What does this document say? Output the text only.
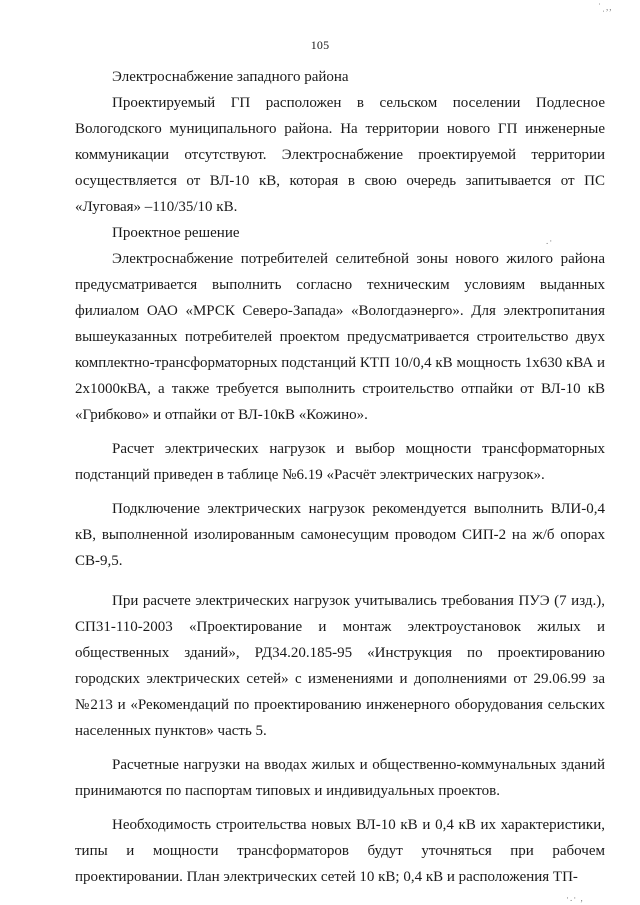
˙ˌ,,
.·
·.· ,
105

Электроснабжение западного района

Проектируемый ГП расположен в сельском поселении Подлесное Вологодского муниципального района. На территории нового ГП инженерные коммуникации отсутствуют. Электроснабжение проектируемой территории осуществляется от ВЛ-10 кВ, которая в свою очередь запитывается от ПС «Луговая» –110/35/10 кВ.

Проектное решение

Электроснабжение потребителей селитебной зоны нового жилого района предусматривается выполнить согласно техническим условиям выданных филиалом ОАО «МРСК Северо-Запада» «Вологдаэнерго». Для электропитания вышеуказанных потребителей проектом предусматривается строительство двух комплектно-трансформаторных подстанций КТП 10/0,4 кВ мощность 1х630 кВА и 2х1000кВА, а также требуется выполнить строительство отпайки от ВЛ-10 кВ «Грибково» и отпайки от ВЛ-10кВ «Кожино».

Расчет электрических нагрузок и выбор мощности трансформаторных подстанций приведен в таблице №6.19 «Расчёт электрических нагрузок».

Подключение электрических нагрузок рекомендуется выполнить ВЛИ-0,4 кВ, выполненной изолированным самонесущим проводом СИП-2 на ж/б опорах СВ-9,5.

При расчете электрических нагрузок учитывались требования ПУЭ (7 изд.), СП31-110-2003 «Проектирование и монтаж электроустановок жилых и общественных зданий», РД34.20.185-95 «Инструкция по проектированию городских электрических сетей» с изменениями и дополнениями от 29.06.99 за №213 и «Рекомендаций по проектированию инженерного оборудования сельских населенных пунктов» часть 5.

Расчетные нагрузки на вводах жилых и общественно-коммунальных зданий принимаются по паспортам типовых и индивидуальных проектов.

Необходимость строительства новых ВЛ-10 кВ и 0,4 кВ их характеристики, типы и мощности трансформаторов будут уточняться при рабочем проектировании. План электрических сетей 10 кВ; 0,4 кВ и расположения ТП-
